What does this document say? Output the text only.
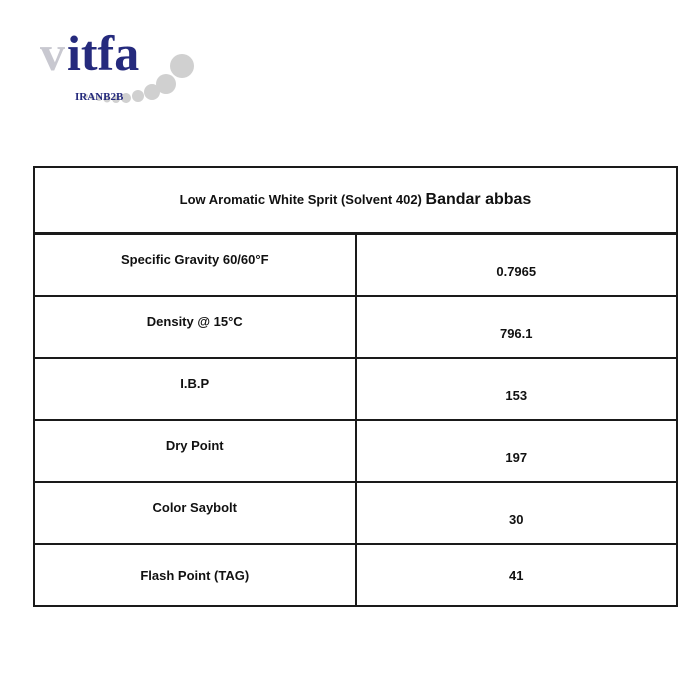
v itfa
IRANB2B
Low Aromatic White Sprit (Solvent 402) Bandar abbas	
Specific Gravity 60/60°F	0.7965
Density @ 15°C	796.1
I.B.P	153
Dry Point	197
Color Saybolt	30
Flash Point (TAG)	41
